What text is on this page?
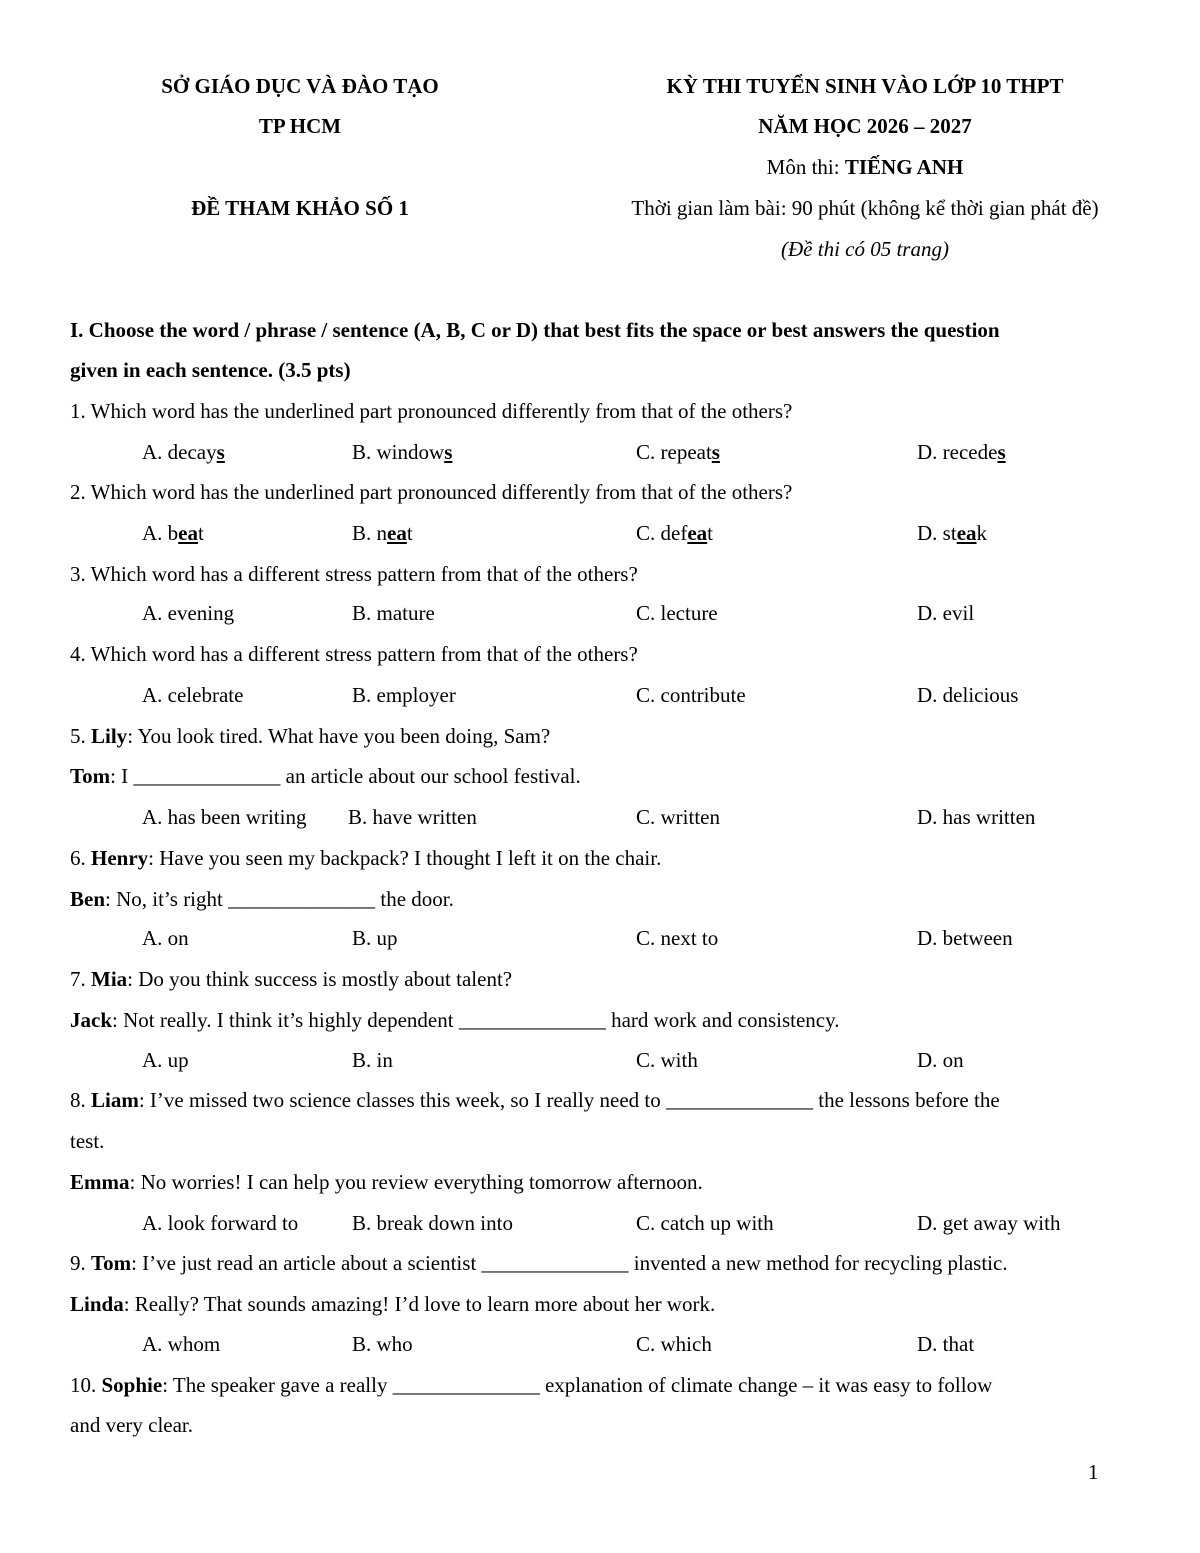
SỞ GIÁO DỤC VÀ ĐÀO TẠO
TP HCM
ĐỀ THAM KHẢO SỐ 1
KỲ THI TUYỂN SINH VÀO LỚP 10 THPT
NĂM HỌC 2026 – 2027
Môn thi: TIẾNG ANH
Thời gian làm bài: 90 phút (không kể thời gian phát đề)
(Đề thi có 05 trang)
I. Choose the word / phrase / sentence (A, B, C or D) that best fits the space or best answers the question
given in each sentence. (3.5 pts)
1. Which word has the underlined part pronounced differently from that of the others?
A. decays	B. windows	C. repeats	D. recedes
2. Which word has the underlined part pronounced differently from that of the others?
A. beat	B. neat	C. defeat	D. steak
3. Which word has a different stress pattern from that of the others?
A. evening	B. mature	C. lecture	D. evil
4. Which word has a different stress pattern from that of the others?
A. celebrate	B. employer	C. contribute	D. delicious
5. Lily: You look tired. What have you been doing, Sam?
Tom: I ______________ an article about our school festival.
A. has been writing B. have written	C. written	D. has written
6. Henry: Have you seen my backpack? I thought I left it on the chair.
Ben: No, it’s right ______________ the door.
A. on	B. up	C. next to	D. between
7. Mia: Do you think success is mostly about talent?
Jack: Not really. I think it’s highly dependent ______________ hard work and consistency.
A. up	B. in	C. with	D. on
8. Liam: I’ve missed two science classes this week, so I really need to ______________ the lessons before the
test.
Emma: No worries! I can help you review everything tomorrow afternoon.
A. look forward to	B. break down into	C. catch up with	D. get away with
9. Tom: I’ve just read an article about a scientist ______________ invented a new method for recycling plastic.
Linda: Really? That sounds amazing! I’d love to learn more about her work.
A. whom	B. who	C. which	D. that
10. Sophie: The speaker gave a really ______________ explanation of climate change – it was easy to follow
and very clear.
1
